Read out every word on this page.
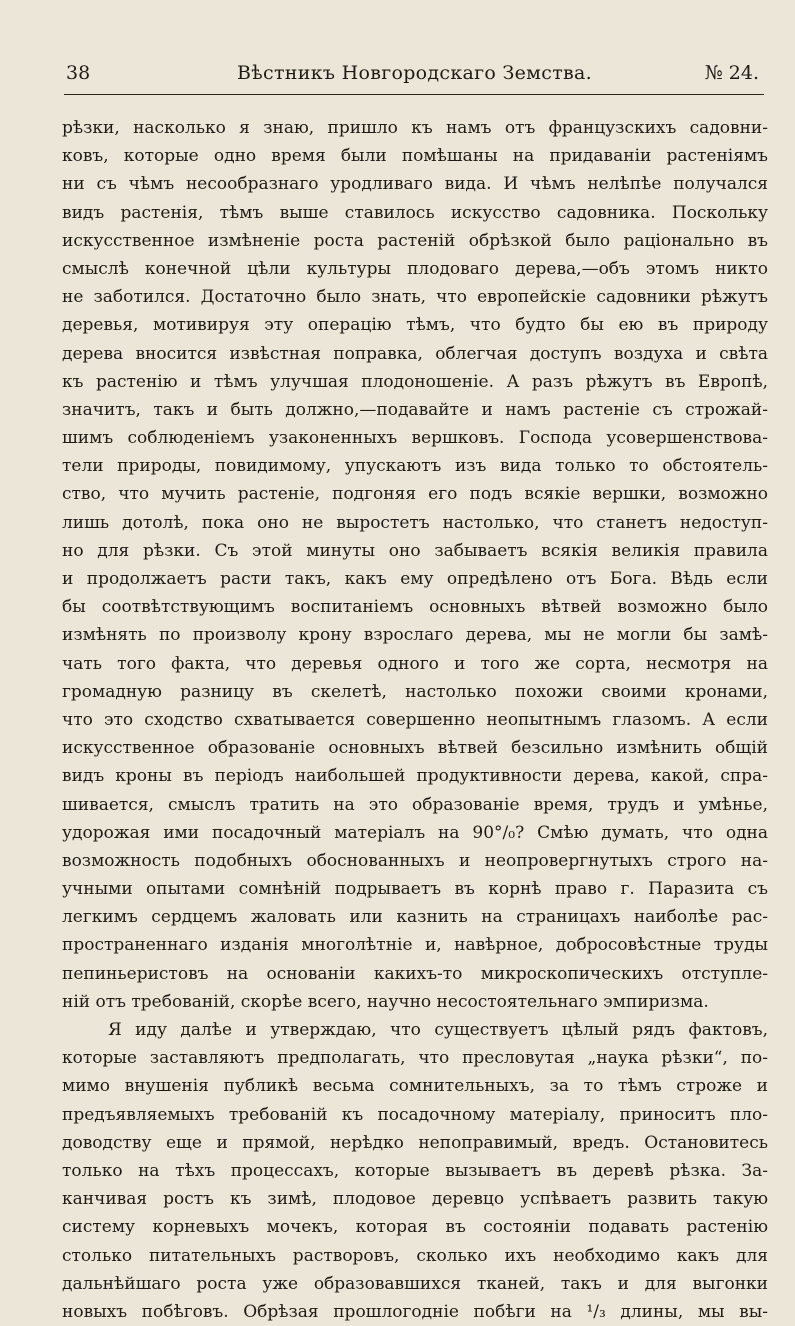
38	Вѣстникъ Новгородскаго Земства.	№ 24.
рѣзки, насколько я знаю, пришло къ намъ отъ французскихъ садовни-
ковъ, которые одно время были помѣшаны на придаванiи растенiямъ
ни съ чѣмъ несообразнаго уродливаго вида. И чѣмъ нелѣпѣе получался
видъ растенiя, тѣмъ выше ставилось искусство садовника. Поскольку
искусственное измѣненiе роста растенiй обрѣзкой было рацiонально въ
смыслѣ конечной цѣли культуры плодоваго дерева,—объ этомъ никто
не заботился. Достаточно было знать, что европейскiе садовники рѣжутъ
деревья, мотивируя эту операцiю тѣмъ, что будто бы ею въ природу
дерева вносится извѣстная поправка, облегчая доступъ воздуха и свѣта
къ растенiю и тѣмъ улучшая плодоношенiе. А разъ рѣжутъ въ Европѣ,
значитъ, такъ и быть должно,—подавайте и намъ растенiе съ строжай-
шимъ соблюденiемъ узаконенныхъ вершковъ. Господа усовершенствова-
тели природы, повидимому, упускаютъ изъ вида только то обстоятель-
ство, что мучить растенiе, подгоняя его подъ всякiе вершки, возможно
лишь дотолѣ, пока оно не выростетъ настолько, что станетъ недоступ-
но для рѣзки. Съ этой минуты оно забываетъ всякiя великiя правила
и продолжаетъ расти такъ, какъ ему опредѣлено отъ Бога. Вѣдь если
бы соотвѣтствующимъ воспитанiемъ основныхъ вѣтвей возможно было
измѣнять по произволу крону взрослаго дерева, мы не могли бы замѣ-
чать того факта, что деревья одного и того же сорта, несмотря на
громадную разницу въ скелетѣ, настолько похожи своими кронами,
что это сходство схватывается совершенно неопытнымъ глазомъ. А если
искусственное образованiе основныхъ вѣтвей безсильно измѣнить общiй
видъ кроны въ перiодъ наибольшей продуктивности дерева, какой, спра-
шивается, смыслъ тратить на это образованiе время, трудъ и умѣнье,
удорожая ими посадочный матерiалъ на 90°/₀? Смѣю думать, что одна
возможность подобныхъ обоснованныхъ и неопровергнутыхъ строго на-
учными опытами сомнѣнiй подрываетъ въ корнѣ право г. Паразита съ
легкимъ сердцемъ жаловать или казнить на страницахъ наиболѣе рас-
пространеннаго изданiя многолѣтнiе и, навѣрное, добросовѣстные труды
пепиньеристовъ на основанiи какихъ-то микроскопическихъ отступле-
нiй отъ требованiй, скорѣе всего, научно несостоятельнаго эмпиризма.
Я иду далѣе и утверждаю, что существуетъ цѣлый рядъ фактовъ,
которые заставляютъ предполагать, что пресловутая „наука рѣзки“, по-
мимо внушенiя публикѣ весьма сомнительныхъ, за то тѣмъ строже и
предъявляемыхъ требованiй къ посадочному матерiалу, приноситъ пло-
доводству еще и прямой, нерѣдко непоправимый, вредъ. Остановитесь
только на тѣхъ процессахъ, которые вызываетъ въ деревѣ рѣзка. За-
канчивая ростъ къ зимѣ, плодовое деревцо успѣваетъ развить такую
систему корневыхъ мочекъ, которая въ состоянiи подавать растенiю
столько питательныхъ растворовъ, сколько ихъ необходимо какъ для
дальнѣйшаго роста уже образовавшихся тканей, такъ и для выгонки
новыхъ побѣговъ. Обрѣзая прошлогоднiе побѣги на ¹/₃ длины, мы вы-
